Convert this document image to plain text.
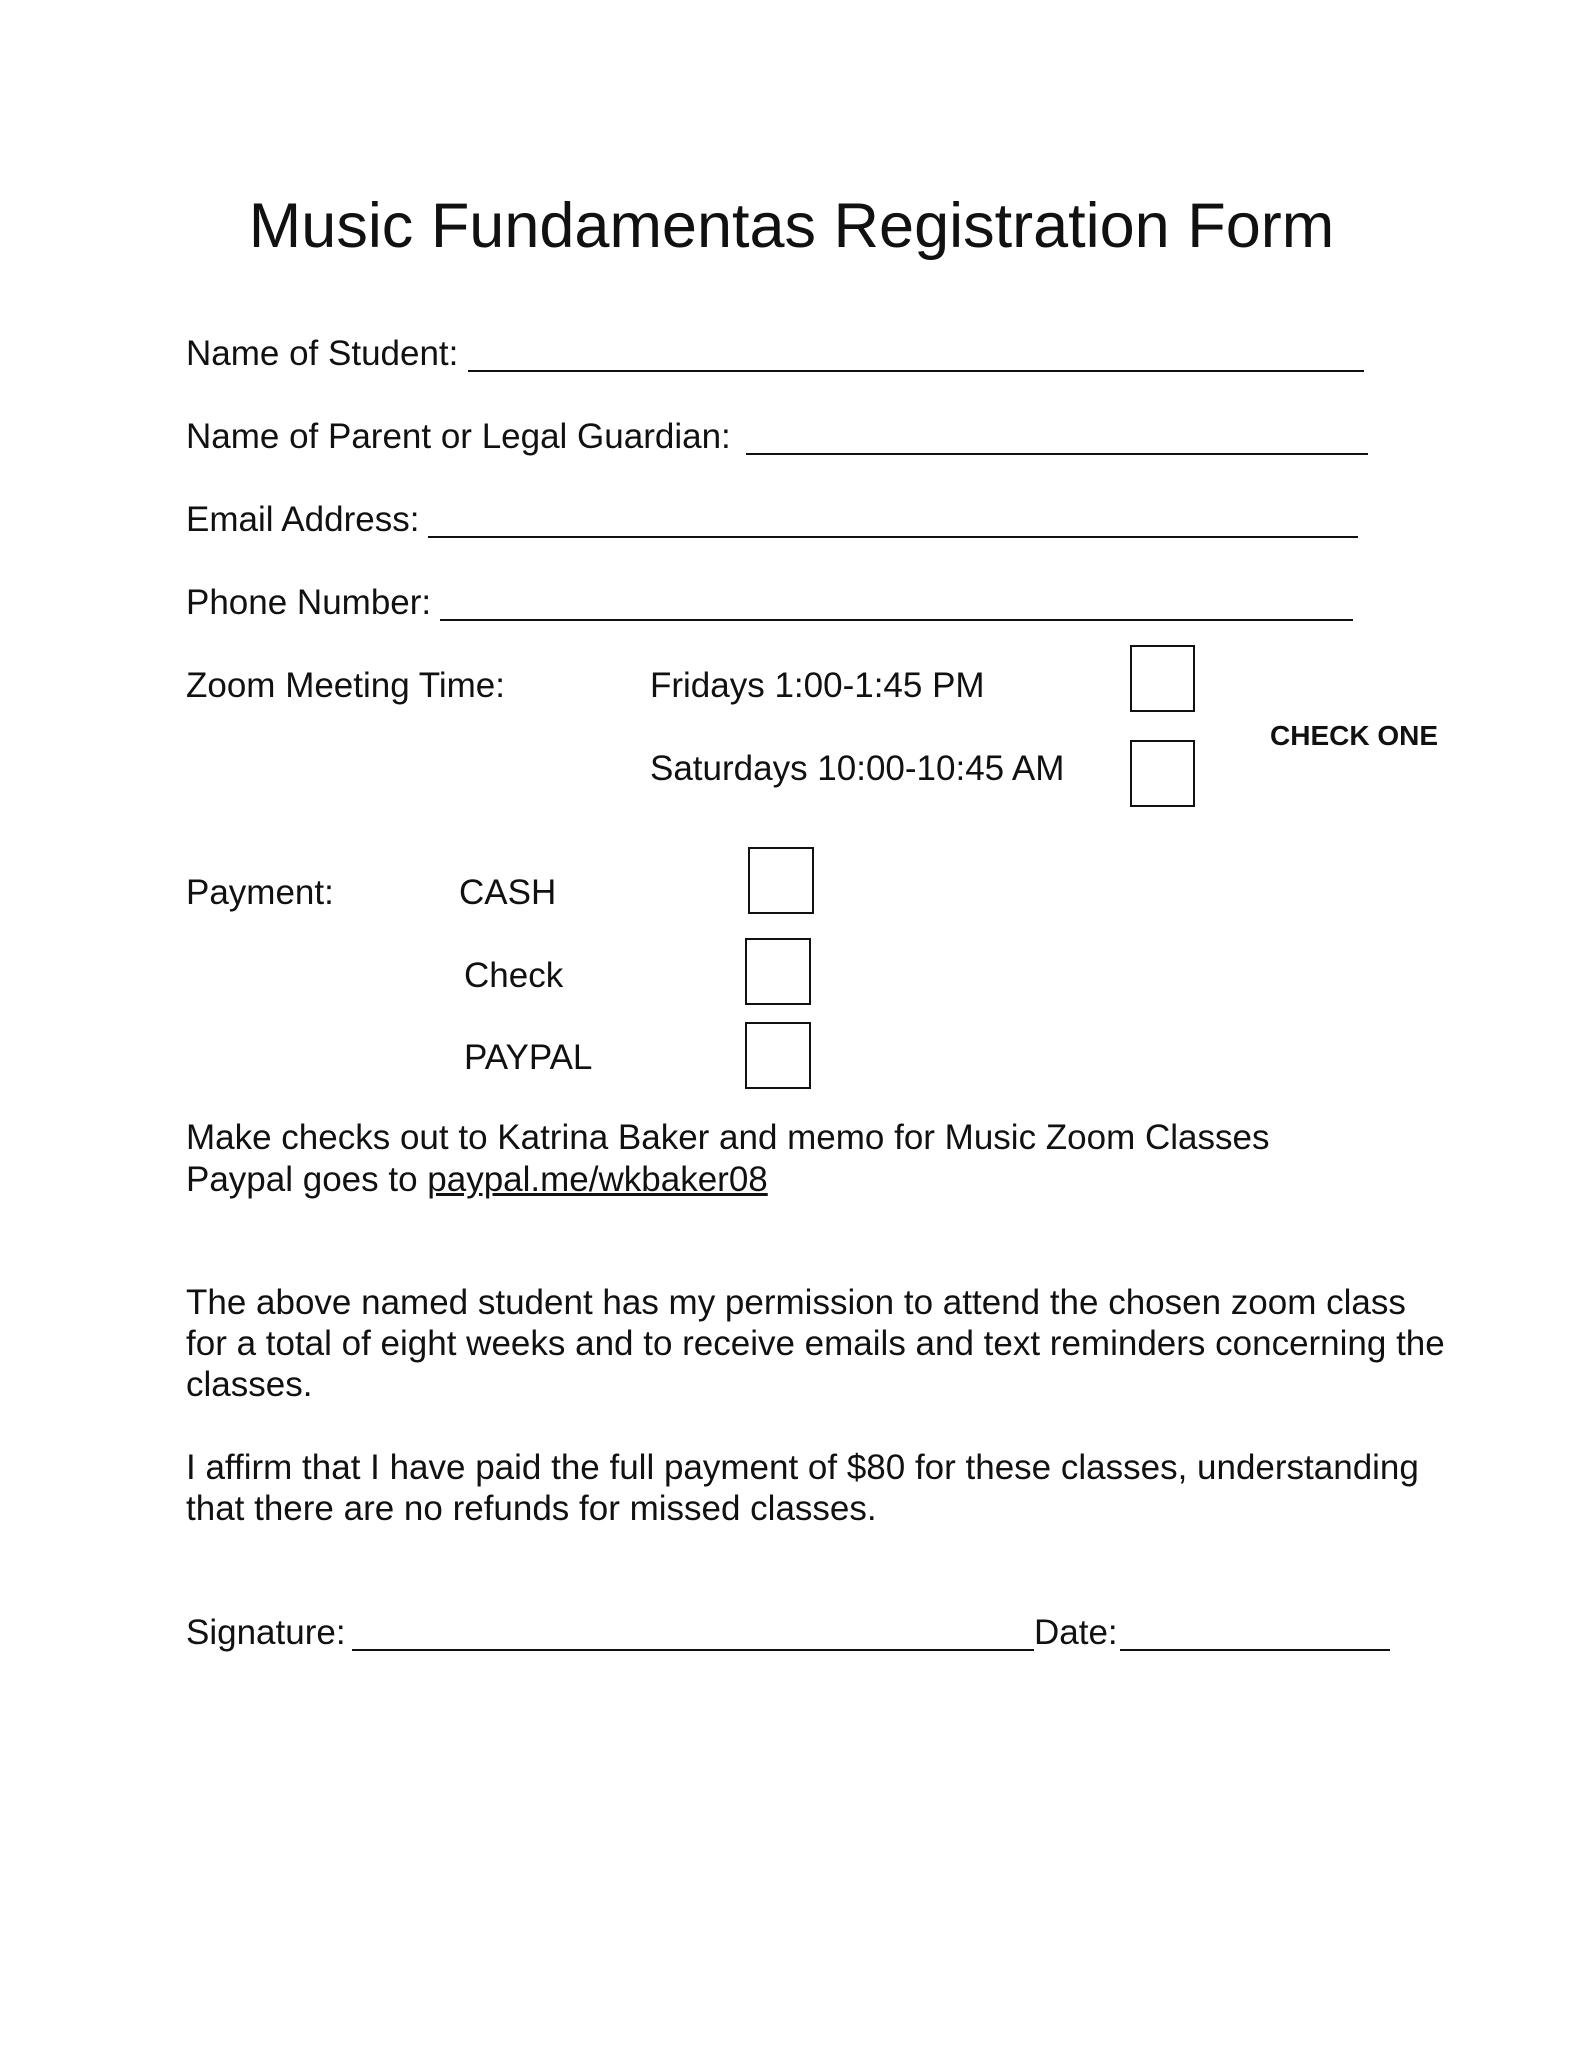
Music Fundamentas Registration Form
Name of Student:
Name of Parent or Legal Guardian:
Email Address:
Phone Number:
Zoom Meeting Time:	Fridays 1:00-1:45 PM
CHECK ONE
Saturdays 10:00-10:45 AM
Payment:	CASH
Check
PAYPAL
Make checks out to Katrina Baker and memo for Music Zoom Classes
Paypal goes to paypal.me/wkbaker08
The above named student has my permission to attend the chosen zoom class for a total of eight weeks and to receive emails and text reminders concerning the classes.
I affirm that I have paid the full payment of $80 for these classes, understanding that there are no refunds for missed classes.
Signature:	Date:
